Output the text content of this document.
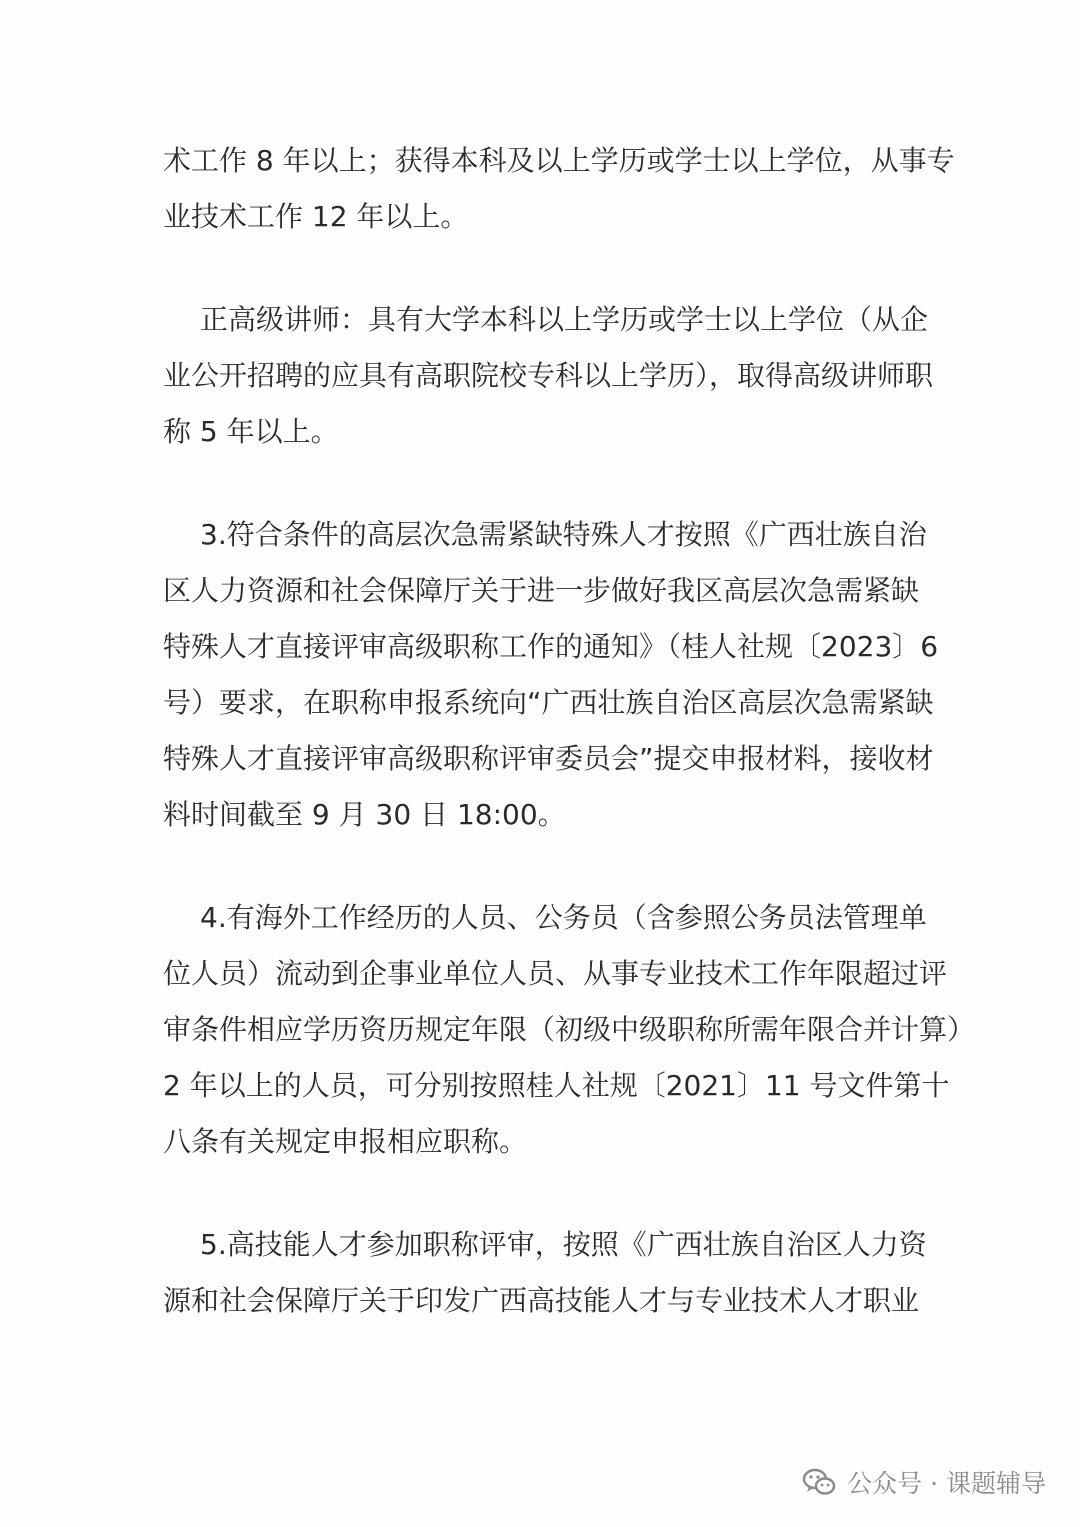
术工作 8 年以上；获得本科及以上学历或学士以上学位，从事专
业技术工作 12 年以上。

正高级讲师：具有大学本科以上学历或学士以上学位（从企
业公开招聘的应具有高职院校专科以上学历），取得高级讲师职
称 5 年以上。

3.符合条件的高层次急需紧缺特殊人才按照《广西壮族自治
区人力资源和社会保障厅关于进一步做好我区高层次急需紧缺
特殊人才直接评审高级职称工作的通知》（桂人社规〔2023〕6
号）要求，在职称申报系统向“广西壮族自治区高层次急需紧缺
特殊人才直接评审高级职称评审委员会”提交申报材料，接收材
料时间截至 9 月 30 日 18:00。

4.有海外工作经历的人员、公务员（含参照公务员法管理单
位人员）流动到企事业单位人员、从事专业技术工作年限超过评
审条件相应学历资历规定年限（初级中级职称所需年限合并计算）
2 年以上的人员，可分别按照桂人社规〔2021〕11 号文件第十
八条有关规定申报相应职称。

5.高技能人才参加职称评审，按照《广西壮族自治区人力资
源和社会保障厅关于印发广西高技能人才与专业技术人才职业

公众号 · 课题辅导
